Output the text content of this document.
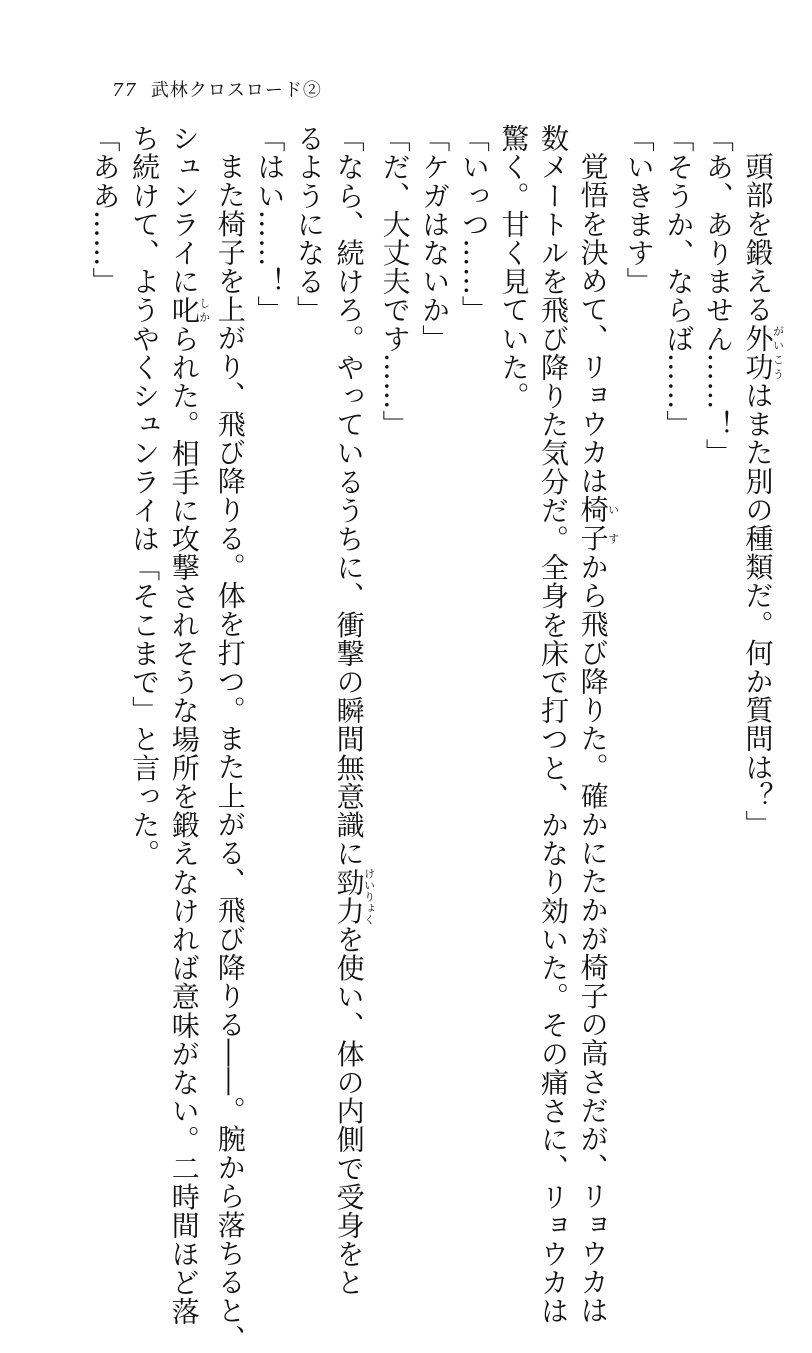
77 武林クロスロード②

頭部を鍛える外功がいこうはまた別の種類だ。何か質問は？」

「あ、ありません……！」

「そうか、ならば……」

「いきます」

覚悟を決めて、リョウカは椅子いすから飛び降りた。確かにたかが椅子の高さだが、リョウカは

数メートルを飛び降りた気分だ。全身を床で打つと、かなり効いた。その痛さに、リョウカは

驚く。甘く見ていた。

「いっつ……」

「ケガはないか」

「だ、大丈夫です……」

「なら、続けろ。やっているうちに、衝撃の瞬間無意識に勁力けいりょくを使い、体の内側で受身をと

るようになる」

「はい……！」

また椅子を上がり、飛び降りる。体を打つ。また上がる、飛び降りる――。腕から落ちると、

シュンライに叱しかられた。相手に攻撃されそうな場所を鍛えなければ意味がない。二時間ほど落

ち続けて、ようやくシュンライは「そこまで」と言った。

「ああ……」
